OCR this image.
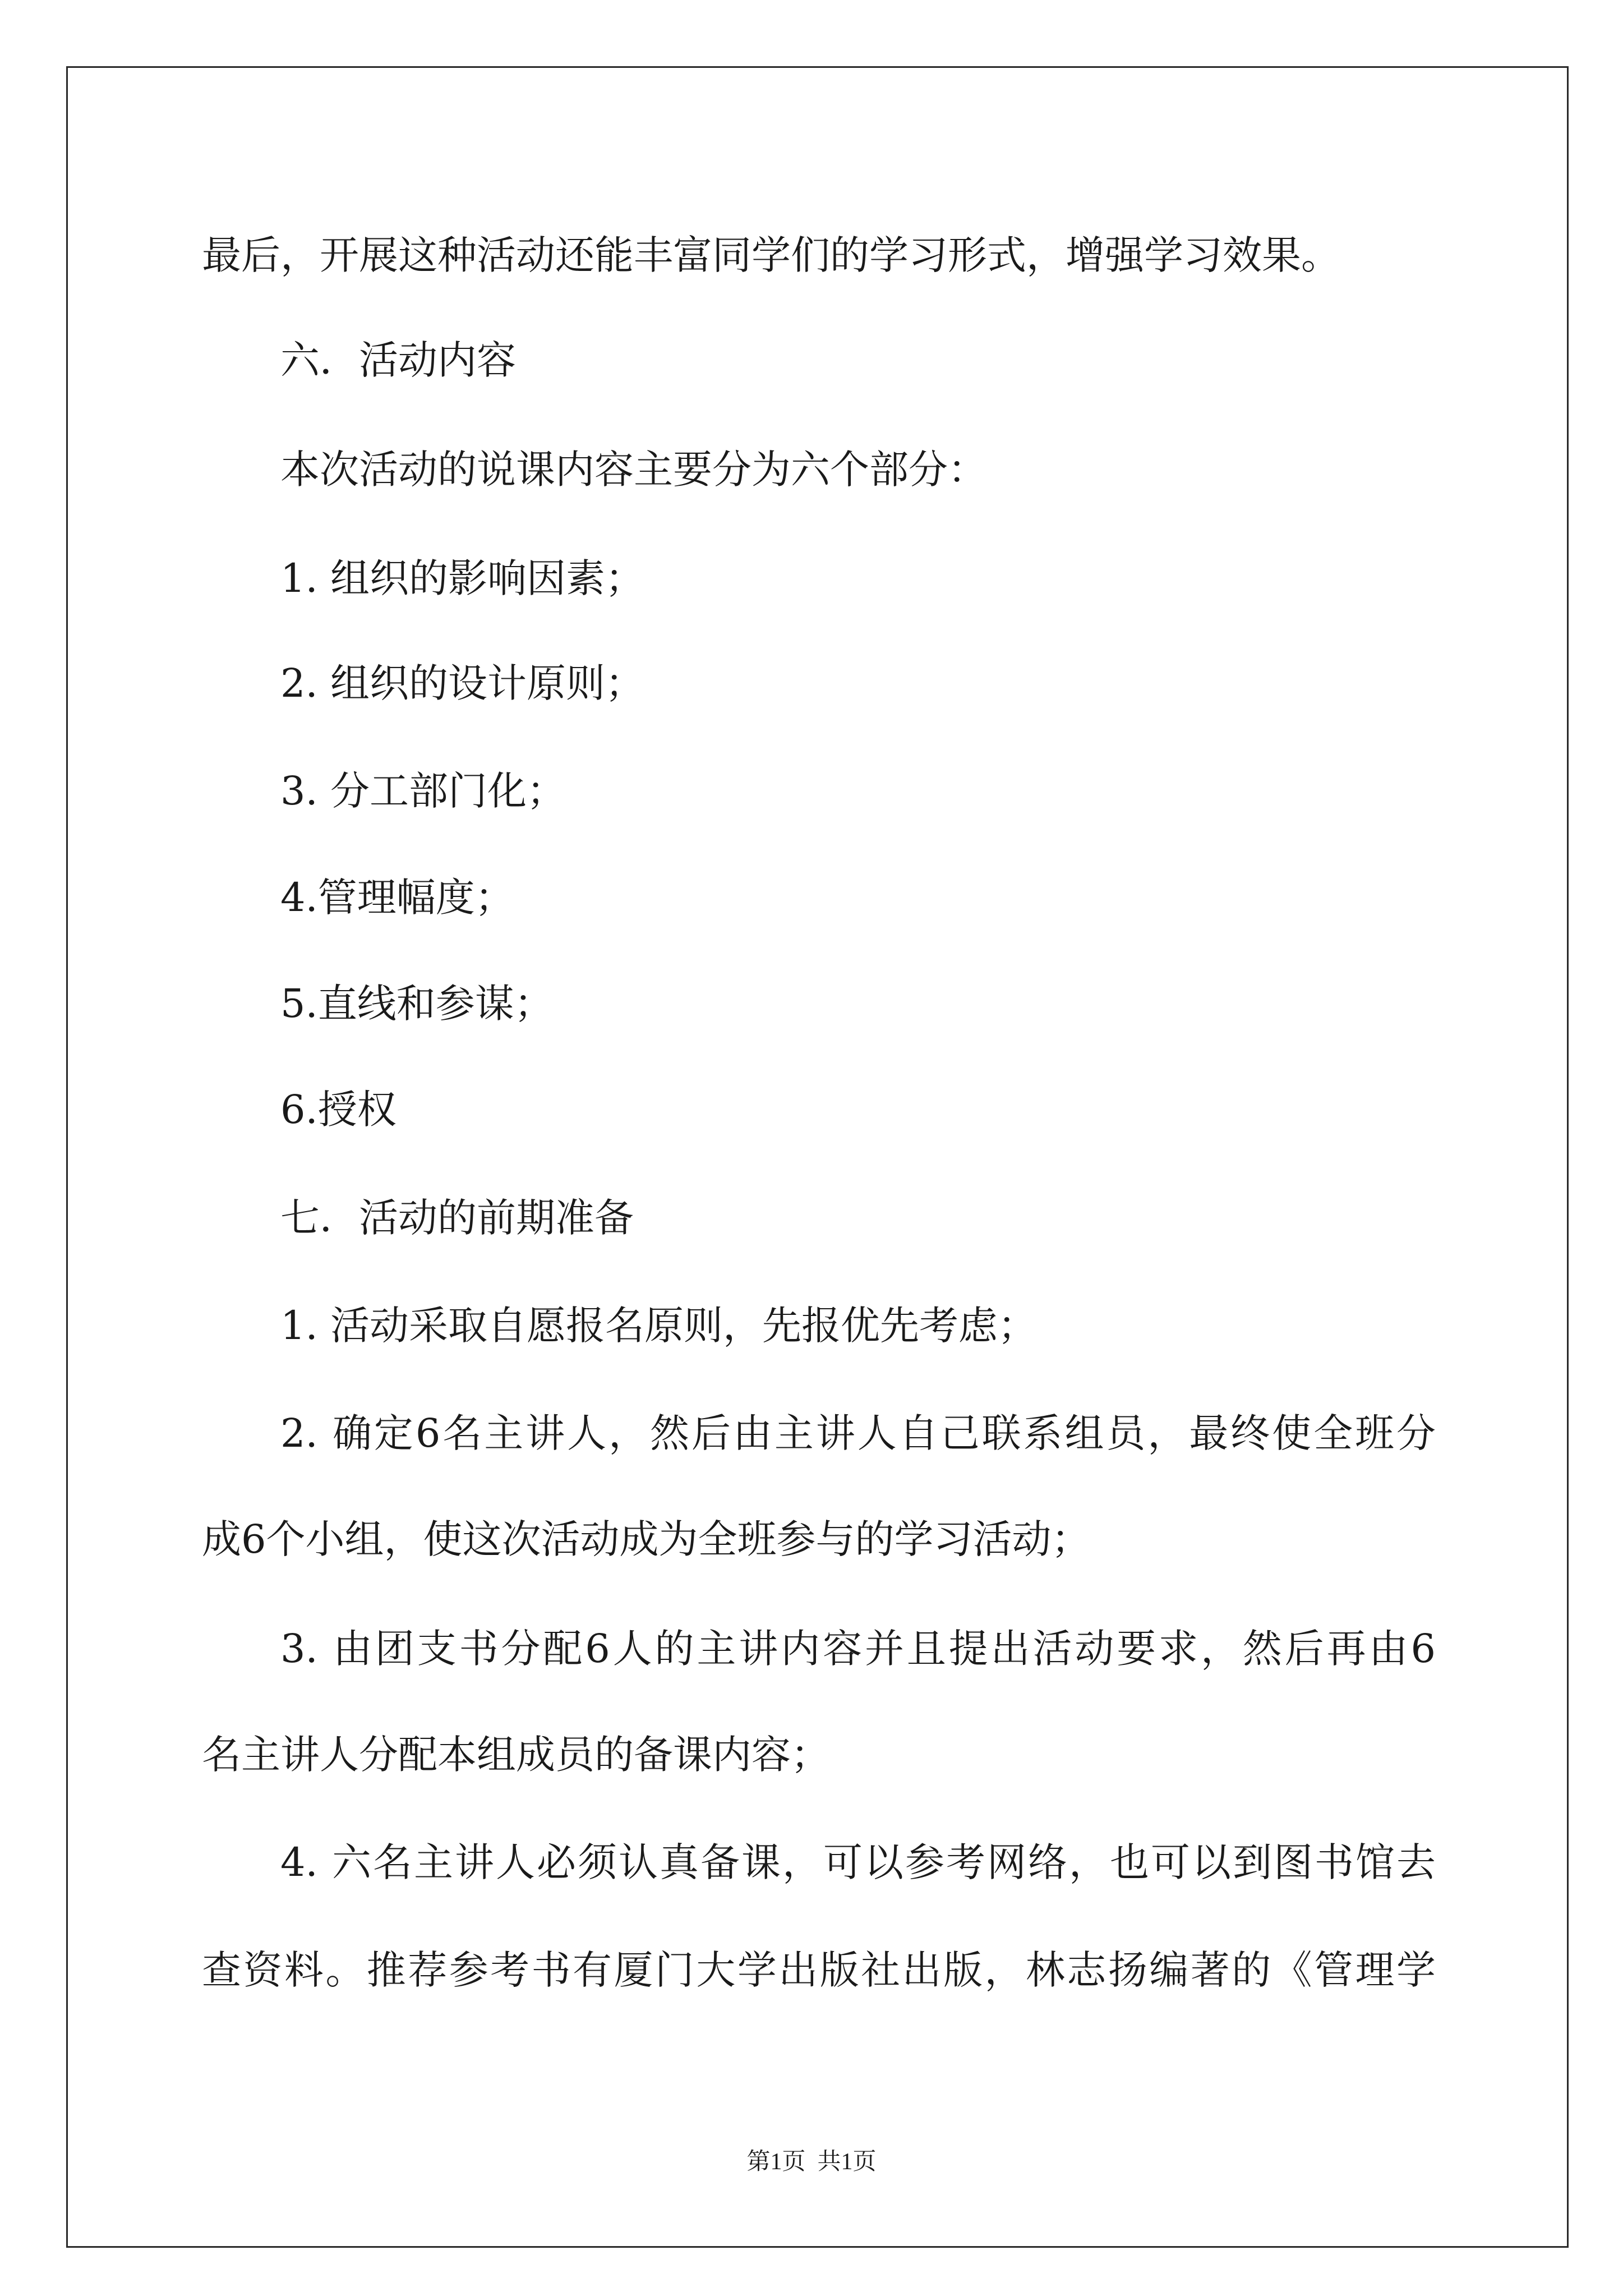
最后，开展这种活动还能丰富同学们的学习形式，增强学习效果。
六．活动内容
本次活动的说课内容主要分为六个部分：
1. 组织的影响因素；
2. 组织的设计原则；
3. 分工部门化；
4.管理幅度；
5.直线和参谋；
6.授权
七．活动的前期准备
1. 活动采取自愿报名原则，先报优先考虑；
2. 确定6名主讲人，然后由主讲人自己联系组员，最终使全班分
成6个小组，使这次活动成为全班参与的学习活动；
3. 由团支书分配6人的主讲内容并且提出活动要求，然后再由6
名主讲人分配本组成员的备课内容；
4. 六名主讲人必须认真备课，可以参考网络，也可以到图书馆去
查资料。推荐参考书有厦门大学出版社出版，林志扬编著的《管理学
第1页  共1页
